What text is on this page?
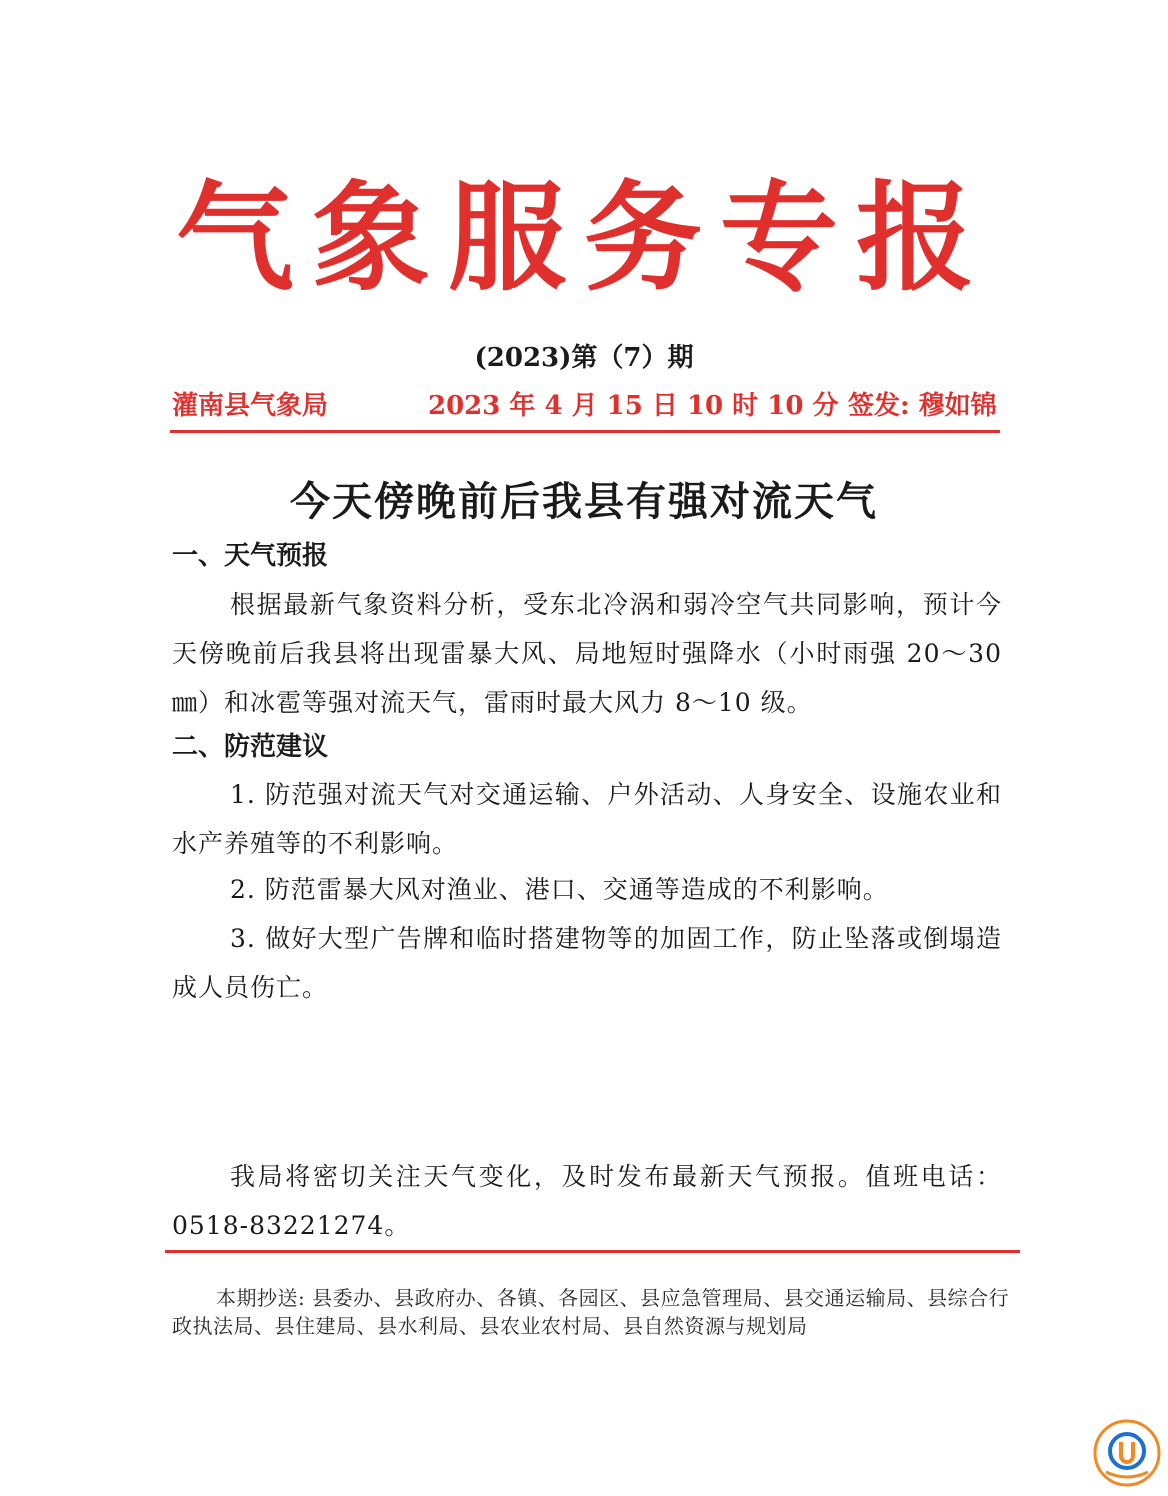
气象服务专报
(2023)第（7）期
灌南县气象局	2023 年 4 月 15 日 10 时 10 分 签发: 穆如锦
今天傍晚前后我县有强对流天气
一、天气预报
根据最新气象资料分析，受东北冷涡和弱冷空气共同影响，预计今天傍晚前后我县将出现雷暴大风、局地短时强降水（小时雨强 20～30㎜）和冰雹等强对流天气，雷雨时最大风力 8～10 级。
二、防范建议
1. 防范强对流天气对交通运输、户外活动、人身安全、设施农业和水产养殖等的不利影响。
2. 防范雷暴大风对渔业、港口、交通等造成的不利影响。
3. 做好大型广告牌和临时搭建物等的加固工作，防止坠落或倒塌造成人员伤亡。
我局将密切关注天气变化，及时发布最新天气预报。值班电话：0518-83221274。
本期抄送: 县委办、县政府办、各镇、各园区、县应急管理局、县交通运输局、县综合行政执法局、县住建局、县水利局、县农业农村局、县自然资源与规划局
